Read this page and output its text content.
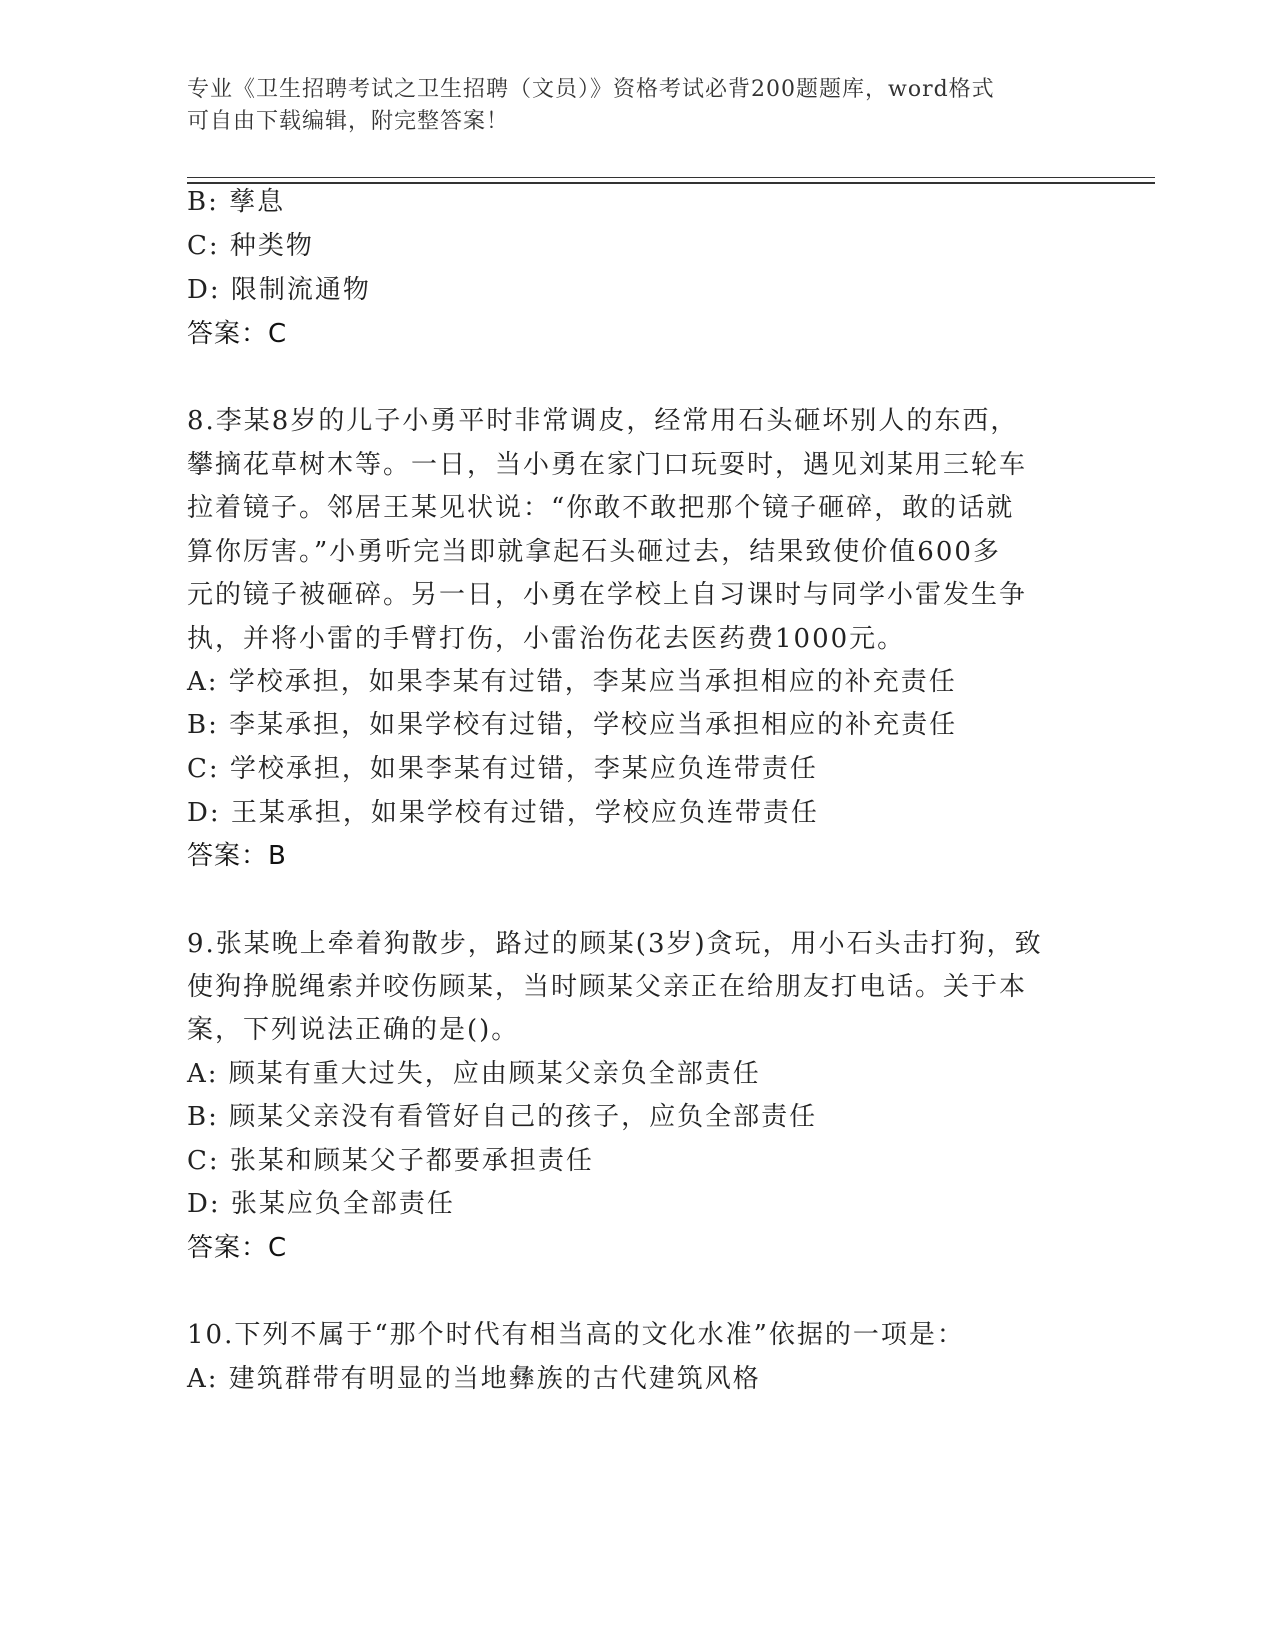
专业《卫生招聘考试之卫生招聘（文员）》资格考试必背200题题库，word格式
可自由下载编辑，附完整答案！
B: 孳息
C: 种类物
D: 限制流通物
答案：C
8.李某8岁的儿子小勇平时非常调皮，经常用石头砸坏别人的东西，
攀摘花草树木等。一日，当小勇在家门口玩耍时，遇见刘某用三轮车
拉着镜子。邻居王某见状说：“你敢不敢把那个镜子砸碎，敢的话就
算你厉害。”小勇听完当即就拿起石头砸过去，结果致使价值600多
元的镜子被砸碎。另一日，小勇在学校上自习课时与同学小雷发生争
执，并将小雷的手臂打伤，小雷治伤花去医药费1000元。
A: 学校承担，如果李某有过错，李某应当承担相应的补充责任
B: 李某承担，如果学校有过错，学校应当承担相应的补充责任
C: 学校承担，如果李某有过错，李某应负连带责任
D: 王某承担，如果学校有过错，学校应负连带责任
答案：B
9.张某晚上牵着狗散步，路过的顾某(3岁)贪玩，用小石头击打狗，致
使狗挣脱绳索并咬伤顾某，当时顾某父亲正在给朋友打电话。关于本
案，下列说法正确的是()。
A: 顾某有重大过失，应由顾某父亲负全部责任
B: 顾某父亲没有看管好自己的孩子，应负全部责任
C: 张某和顾某父子都要承担责任
D: 张某应负全部责任
答案：C
10.下列不属于“那个时代有相当高的文化水准”依据的一项是：
A: 建筑群带有明显的当地彝族的古代建筑风格
